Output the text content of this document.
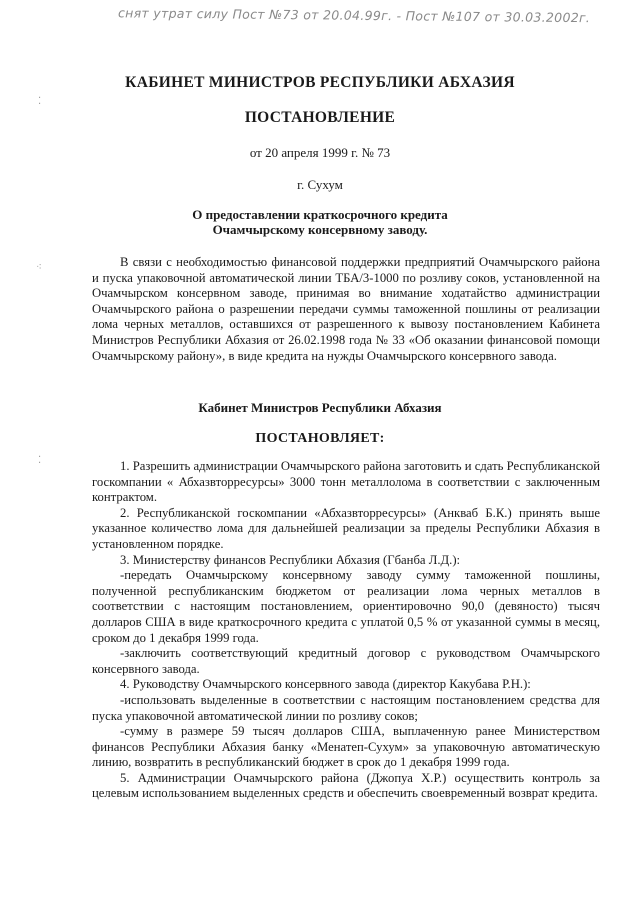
снят утрат силу Пост №73 от 20.04.99г. - Пост №107 от 30.03.2002г.
⁚
⁖
⁚
КАБИНЕТ МИНИСТРОВ РЕСПУБЛИКИ АБХАЗИЯ
ПОСТАНОВЛЕНИЕ
от 20 апреля 1999 г. № 73
г. Сухум
О предоставлении краткосрочного кредита
Очамчырскому консервному заводу.

В связи с необходимостью финансовой поддержки предприятий Очамчырского района и пуска упаковочной автоматической линии ТБА/3-1000 по розливу соков, установленной на Очамчырском консервном заводе, принимая во внимание ходатайство администрации Очамчырского района о разрешении передачи суммы таможенной пошлины от реализации лома черных металлов, оставшихся от разрешенного к вывозу постановлением Кабинета Министров Республики Абхазия от 26.02.1998 года № 33 «Об оказании финансовой помощи Очамчырскому району», в виде кредита на нужды Очамчырского консервного завода.

Кабинет Министров Республики Абхазия
ПОСТАНОВЛЯЕТ:

1. Разрешить администрации Очамчырского района заготовить и сдать Республиканской госкомпании « Абхазвторресурсы» 3000 тонн металлолома в соответствии с заключенным контрактом.

2. Республиканской госкомпании «Абхазвторресурсы» (Анкваб Б.К.) принять выше указанное количество лома для дальнейшей реализации за пределы Республики Абхазия в установленном порядке.

3. Министерству финансов Республики Абхазия (Гбанба Л.Д.):

-передать Очамчырскому консервному заводу сумму таможенной пошлины, полученной республиканским бюджетом от реализации лома черных металлов в соответствии с настоящим постановлением, ориентировочно 90,0 (девяносто) тысяч долларов США в виде краткосрочного кредита с уплатой 0,5 % от указанной суммы в месяц, сроком до 1 декабря 1999 года.

-заключить соответствующий кредитный договор с руководством Очамчырского консервного завода.

4. Руководству Очамчырского консервного завода (директор Какубава Р.Н.):

-использовать выделенные в соответствии с настоящим постановлением средства для пуска упаковочной автоматической линии по розливу соков;

-сумму в размере 59 тысяч долларов США, выплаченную ранее Министерством финансов Республики Абхазия банку «Менатеп-Сухум» за упаковочную автоматическую линию, возвратить в республиканский бюджет в срок до 1 декабря 1999 года.

5. Администрации Очамчырского района (Джопуа Х.Р.) осуществить контроль за целевым использованием выделенных средств и обеспечить своевременный возврат кредита.
